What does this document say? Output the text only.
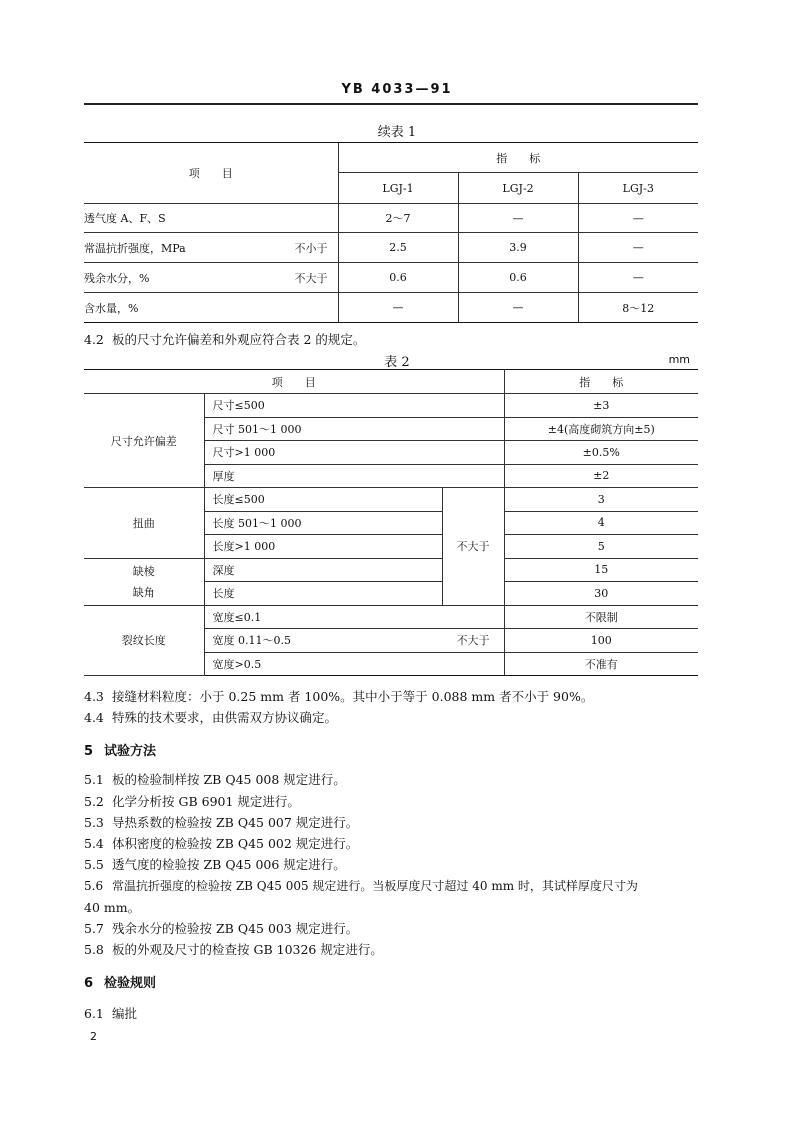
YB 4033—91
续表 1
项　　目	指　　标		
	LGJ-1	LGJ-2	LGJ-3
透气度 A、F、S	2～7	—	—
常温抗折强度，MPa 不小于	2.5	3.9	—
残余水分，% 不大于	0.6	0.6	—
含水量，%	—	—	8～12
4.2 板的尺寸允许偏差和外观应符合表 2 的规定。
表 2	mm
项　　目			指　　标
尺寸允许偏差	尺寸≤500		±3
	尺寸 501～1 000		±4(高度砌筑方向±5)
	尺寸>1 000		±0.5%
	厚度		±2
扭曲	长度≤500	不大于	3
	长度 501～1 000		4
	长度>1 000		5

缺棱
缺角	深度		15
	长度		30
裂纹长度	宽度≤0.1		不限制
	宽度 0.11～0.5 不大于		100
	宽度>0.5		不准有
4.3 接缝材料粒度：小于 0.25 mm 者 100%。其中小于等于 0.088 mm 者不小于 90%。
4.4 特殊的技术要求，由供需双方协议确定。
5 试验方法
5.1 板的检验制样按 ZB Q45 008 规定进行。
5.2 化学分析按 GB 6901 规定进行。
5.3 导热系数的检验按 ZB Q45 007 规定进行。
5.4 体积密度的检验按 ZB Q45 002 规定进行。
5.5 透气度的检验按 ZB Q45 006 规定进行。
5.6 常温抗折强度的检验按 ZB Q45 005 规定进行。当板厚度尺寸超过 40 mm 时，其试样厚度尺寸为
40 mm。
5.7 残余水分的检验按 ZB Q45 003 规定进行。
5.8 板的外观及尺寸的检查按 GB 10326 规定进行。
6 检验规则
6.1 编批
2
